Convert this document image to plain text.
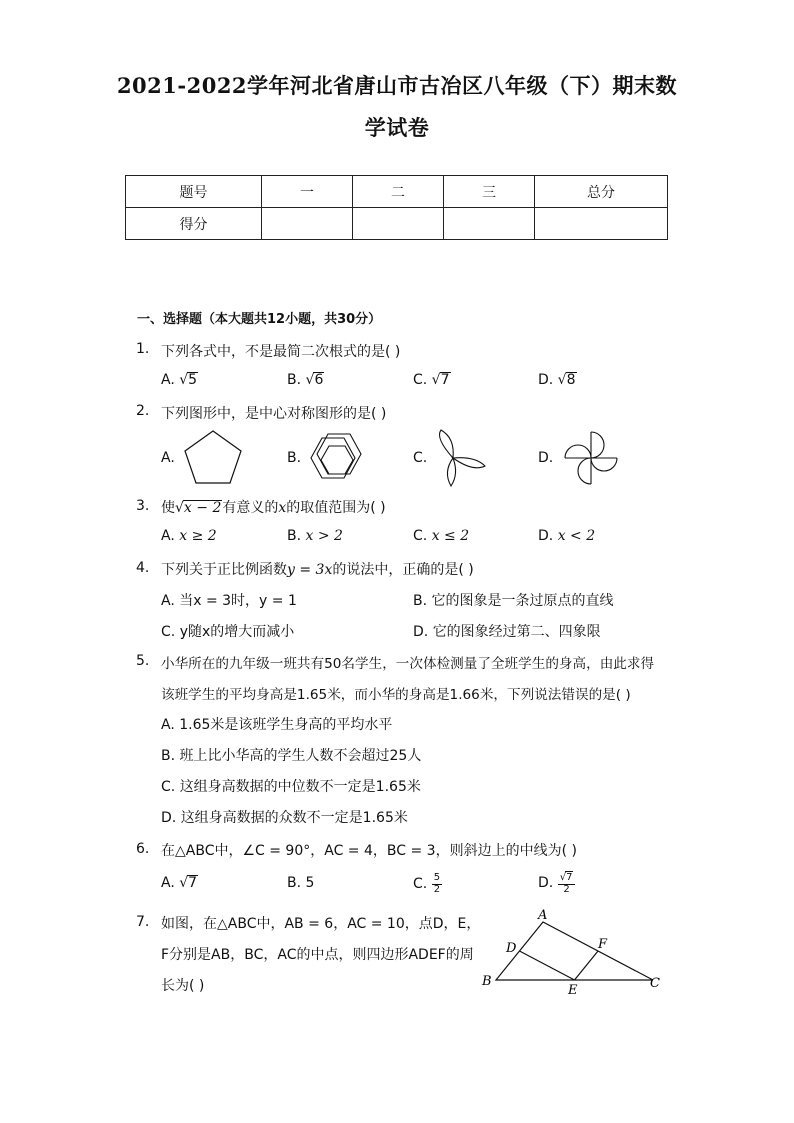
2021-2022学年河北省唐山市古冶区八年级（下）期末数
学试卷
题号	一	二	三	总分
得分				
一、选择题（本大题共12小题，共30分）
1. 下列各式中，不是最简二次根式的是( )
A. √5	B. √6	C. √7	D. √8
2. 下列图形中，是中心对称图形的是( )
A.	B.	C.	D.
3. 使√x − 2有意义的x的取值范围为( )
A. x ≥ 2	B. x > 2	C. x ≤ 2	D. x < 2
4. 下列关于正比例函数y = 3x的说法中，正确的是( )
A. 当x = 3时，y = 1	B. 它的图象是一条过原点的直线
C. y随x的增大而减小	D. 它的图象经过第二、四象限
5. 小华所在的九年级一班共有50名学生，一次体检测量了全班学生的身高，由此求得
该班学生的平均身高是1.65米，而小华的身高是1.66米，下列说法错误的是( )
A. 1.65米是该班学生身高的平均水平
B. 班上比小华高的学生人数不会超过25人
C. 这组身高数据的中位数不一定是1.65米
D. 这组身高数据的众数不一定是1.65米
6. 在△ABC中，∠C = 90°，AC = 4，BC = 3，则斜边上的中线为( )
A. √7	B. 5	C. $\frac{5}{2}$	D. $\frac{√7}{2}$
7. 如图，在△ABC中，AB = 6，AC = 10，点D，E，
F分别是AB，BC，AC的中点，则四边形ADEF的周
长为( )
A
B	C
D
E
F
